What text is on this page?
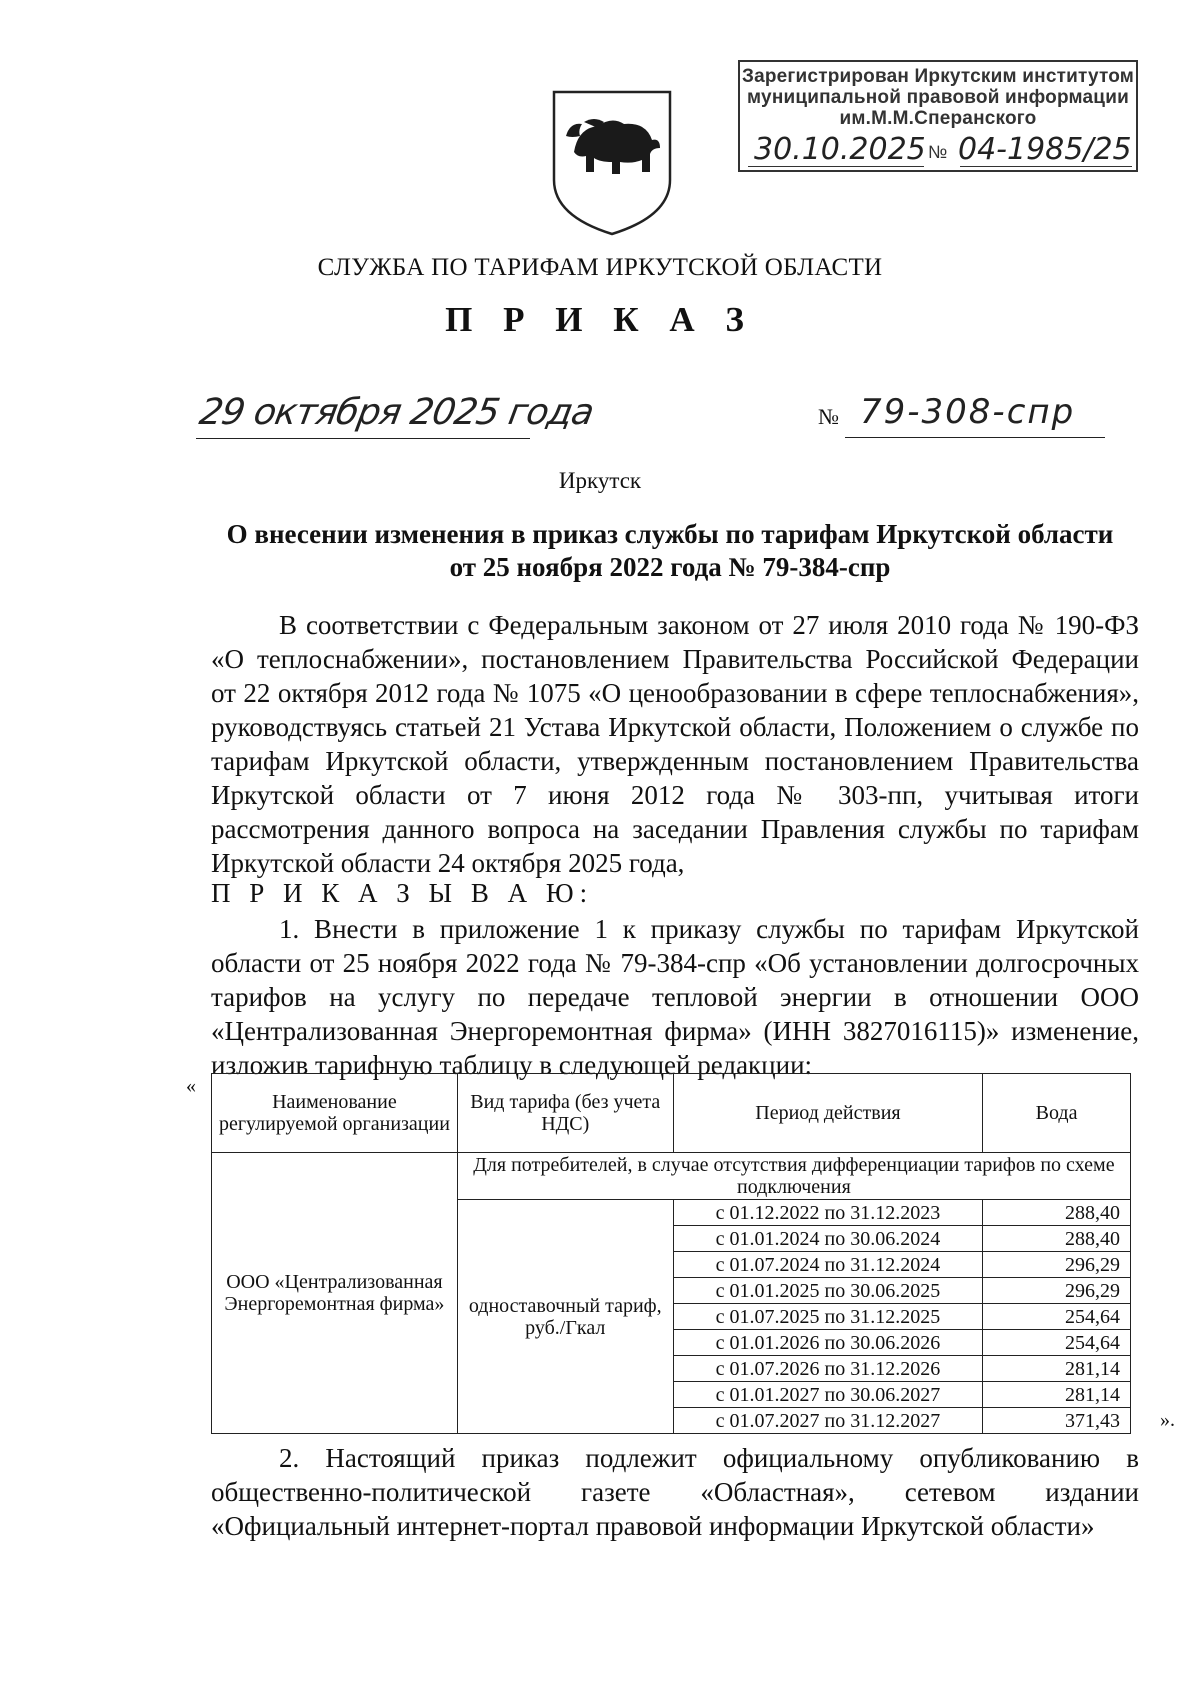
Зарегистрирован Иркутским институтом
муниципальной правовой информации
им.М.М.Сперанского
30.10.2025 № 04-1985/25
СЛУЖБА ПО ТАРИФАМ ИРКУТСКОЙ ОБЛАСТИ
П Р И К А З
29 октября 2025 года	№ 79-308-спр
Иркутск
О внесении изменения в приказ службы по тарифам Иркутской области
от 25 ноября 2022 года № 79-384-спр
В соответствии с Федеральным законом от 27 июля 2010 года № 190-ФЗ «О теплоснабжении», постановлением Правительства Российской Федерации от 22 октября 2012 года № 1075 «О ценообразовании в сфере теплоснабжения», руководствуясь статьей 21 Устава Иркутской области, Положением о службе по тарифам Иркутской области, утвержденным постановлением Правительства Иркутской области от 7 июня 2012 года № 303-пп, учитывая итоги рассмотрения данного вопроса на заседании Правления службы по тарифам Иркутской области 24 октября 2025 года,
П Р И К А З Ы В А Ю:
1. Внести в приложение 1 к приказу службы по тарифам Иркутской области от 25 ноября 2022 года № 79-384-спр «Об установлении долгосрочных тарифов на услугу по передаче тепловой энергии в отношении ООО «Централизованная Энергоремонтная фирма» (ИНН 3827016115)» изменение, изложив тарифную таблицу в следующей редакции:
«
Наименование регулируемой организации	Вид тарифа (без учета НДС)	Период действия	Вода
ООО «Централизованная Энергоремонтная фирма»	Для потребителей, в случае отсутствия дифференциации тарифов по схеме подключения		
	одноставочный тариф, руб./Гкал	с 01.12.2022 по 31.12.2023	288,40
		с 01.01.2024 по 30.06.2024	288,40
		с 01.07.2024 по 31.12.2024	296,29
		с 01.01.2025 по 30.06.2025	296,29
		с 01.07.2025 по 31.12.2025	254,64
		с 01.01.2026 по 30.06.2026	254,64
		с 01.07.2026 по 31.12.2026	281,14
		с 01.01.2027 по 30.06.2027	281,14
		с 01.07.2027 по 31.12.2027	371,43 ».
2. Настоящий приказ подлежит официальному опубликованию в общественно-политической газете «Областная», сетевом издании «Официальный интернет-портал правовой информации Иркутской области»
